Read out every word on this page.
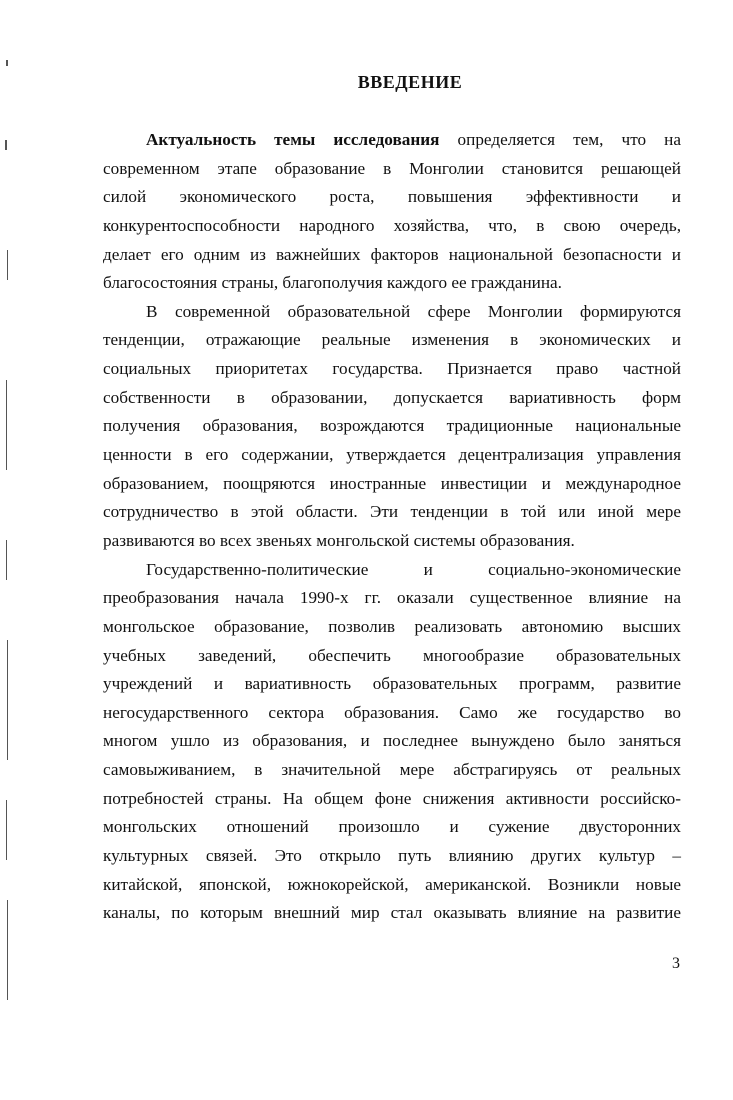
ВВЕДЕНИЕ
Актуальность темы исследования определяется тем, что на
современном этапе образование в Монголии становится решающей
силой экономического роста, повышения эффективности и
конкурентоспособности народного хозяйства, что, в свою очередь,
делает его одним из важнейших факторов национальной безопасности и
благосостояния страны, благополучия каждого ее гражданина.
В современной образовательной сфере Монголии формируются
тенденции, отражающие реальные изменения в экономических и
социальных приоритетах государства. Признается право частной
собственности в образовании, допускается вариативность форм
получения образования, возрождаются традиционные национальные
ценности в его содержании, утверждается децентрализация управления
образованием, поощряются иностранные инвестиции и международное
сотрудничество в этой области. Эти тенденции в той или иной мере
развиваются во всех звеньях монгольской системы образования.
Государственно-политические и социально-экономические
преобразования начала 1990-х гг. оказали существенное влияние на
монгольское образование, позволив реализовать автономию высших
учебных заведений, обеспечить многообразие образовательных
учреждений и вариативность образовательных программ, развитие
негосударственного сектора образования. Само же государство во
многом ушло из образования, и последнее вынуждено было заняться
самовыживанием, в значительной мере абстрагируясь от реальных
потребностей страны. На общем фоне снижения активности российско-
монгольских отношений произошло и сужение двусторонних
культурных связей. Это открыло путь влиянию других культур –
китайской, японской, южнокорейской, американской. Возникли новые
каналы, по которым внешний мир стал оказывать влияние на развитие
3
